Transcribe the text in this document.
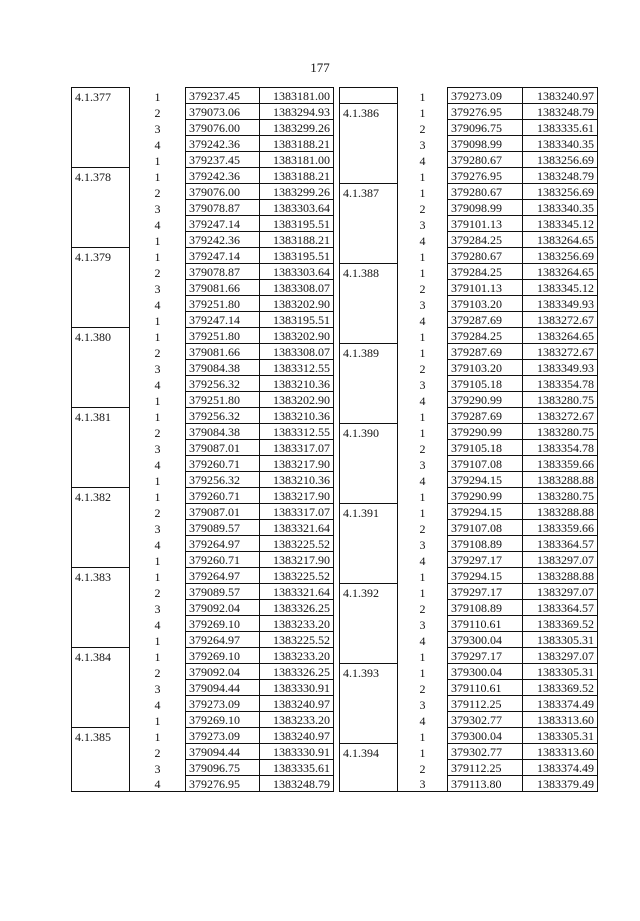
177
4.1.377	1	379237.45	1383181.00
	2	379073.06	1383294.93
	3	379076.00	1383299.26
	4	379242.36	1383188.21
	1	379237.45	1383181.00
4.1.378	1	379242.36	1383188.21
	2	379076.00	1383299.26
	3	379078.87	1383303.64
	4	379247.14	1383195.51
	1	379242.36	1383188.21
4.1.379	1	379247.14	1383195.51
	2	379078.87	1383303.64
	3	379081.66	1383308.07
	4	379251.80	1383202.90
	1	379247.14	1383195.51
4.1.380	1	379251.80	1383202.90
	2	379081.66	1383308.07
	3	379084.38	1383312.55
	4	379256.32	1383210.36
	1	379251.80	1383202.90
4.1.381	1	379256.32	1383210.36
	2	379084.38	1383312.55
	3	379087.01	1383317.07
	4	379260.71	1383217.90
	1	379256.32	1383210.36
4.1.382	1	379260.71	1383217.90
	2	379087.01	1383317.07
	3	379089.57	1383321.64
	4	379264.97	1383225.52
	1	379260.71	1383217.90
4.1.383	1	379264.97	1383225.52
	2	379089.57	1383321.64
	3	379092.04	1383326.25
	4	379269.10	1383233.20
	1	379264.97	1383225.52
4.1.384	1	379269.10	1383233.20
	2	379092.04	1383326.25
	3	379094.44	1383330.91
	4	379273.09	1383240.97
	1	379269.10	1383233.20
4.1.385	1	379273.09	1383240.97
	2	379094.44	1383330.91
	3	379096.75	1383335.61
	4	379276.95	1383248.79
	1	379273.09	1383240.97
4.1.386	1	379276.95	1383248.79
	2	379096.75	1383335.61
	3	379098.99	1383340.35
	4	379280.67	1383256.69
	1	379276.95	1383248.79
4.1.387	1	379280.67	1383256.69
	2	379098.99	1383340.35
	3	379101.13	1383345.12
	4	379284.25	1383264.65
	1	379280.67	1383256.69
4.1.388	1	379284.25	1383264.65
	2	379101.13	1383345.12
	3	379103.20	1383349.93
	4	379287.69	1383272.67
	1	379284.25	1383264.65
4.1.389	1	379287.69	1383272.67
	2	379103.20	1383349.93
	3	379105.18	1383354.78
	4	379290.99	1383280.75
	1	379287.69	1383272.67
4.1.390	1	379290.99	1383280.75
	2	379105.18	1383354.78
	3	379107.08	1383359.66
	4	379294.15	1383288.88
	1	379290.99	1383280.75
4.1.391	1	379294.15	1383288.88
	2	379107.08	1383359.66
	3	379108.89	1383364.57
	4	379297.17	1383297.07
	1	379294.15	1383288.88
4.1.392	1	379297.17	1383297.07
	2	379108.89	1383364.57
	3	379110.61	1383369.52
	4	379300.04	1383305.31
	1	379297.17	1383297.07
4.1.393	1	379300.04	1383305.31
	2	379110.61	1383369.52
	3	379112.25	1383374.49
	4	379302.77	1383313.60
	1	379300.04	1383305.31
4.1.394	1	379302.77	1383313.60
	2	379112.25	1383374.49
	3	379113.80	1383379.49
